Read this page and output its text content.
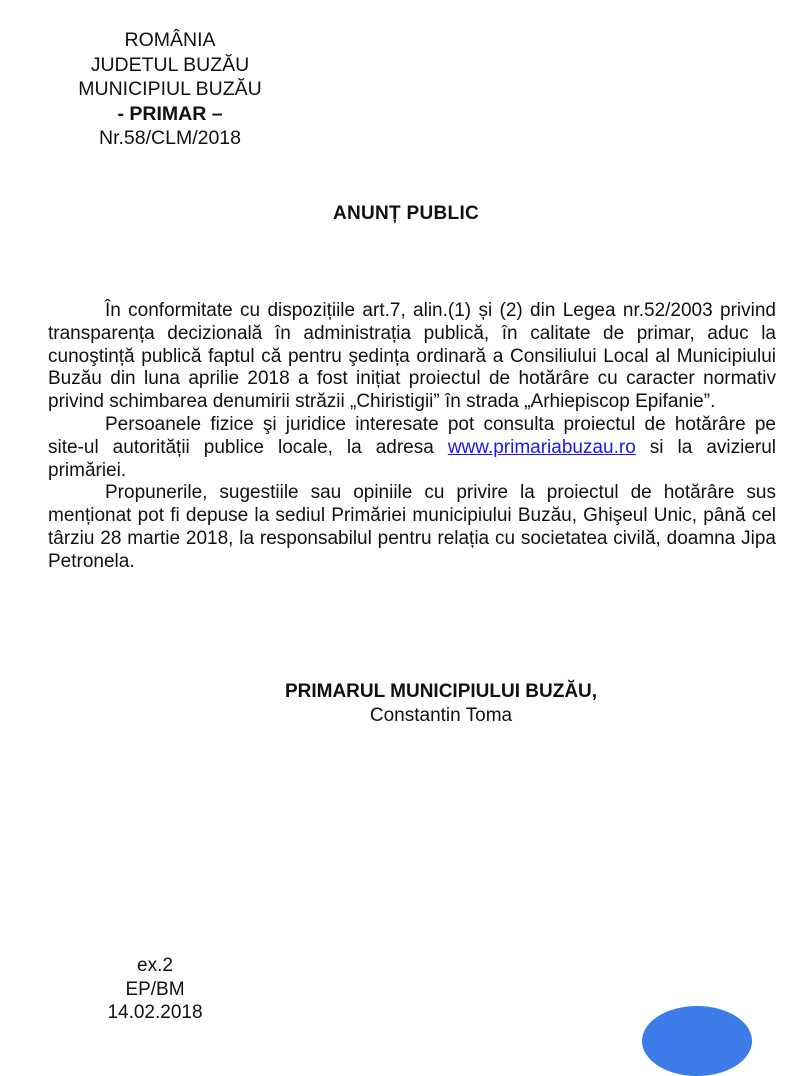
ROMÂNIA
JUDETUL BUZĂU
MUNICIPIUL BUZĂU
- PRIMAR –
Nr.58/CLM/2018
ANUNȚ PUBLIC

În conformitate cu dispozițiile art.7, alin.(1) și (2) din Legea nr.52/2003 privind transparența decizională în administrația publică, în calitate de primar, aduc la cunoştință publică faptul că pentru şedința ordinară a Consiliului Local al Municipiului Buzău din luna aprilie 2018 a fost inițiat proiectul de hotărâre cu caracter normativ privind schimbarea denumirii străzii „Chiristigii” în strada „Arhiepiscop Epifanie”.

Persoanele fizice şi juridice interesate pot consulta proiectul de hotărâre pe site-ul autorității publice locale, la adresa www.primariabuzau.ro si la avizierul primăriei.

Propunerile, sugestiile sau opiniile cu privire la proiectul de hotărâre sus menționat pot fi depuse la sediul Primăriei municipiului Buzău, Ghişeul Unic, până cel târziu 28 martie 2018, la responsabilul pentru relația cu societatea civilă, doamna Jipa Petronela.

PRIMARUL MUNICIPIULUI BUZĂU,
Constantin Toma
ex.2
EP/BM
14.02.2018
